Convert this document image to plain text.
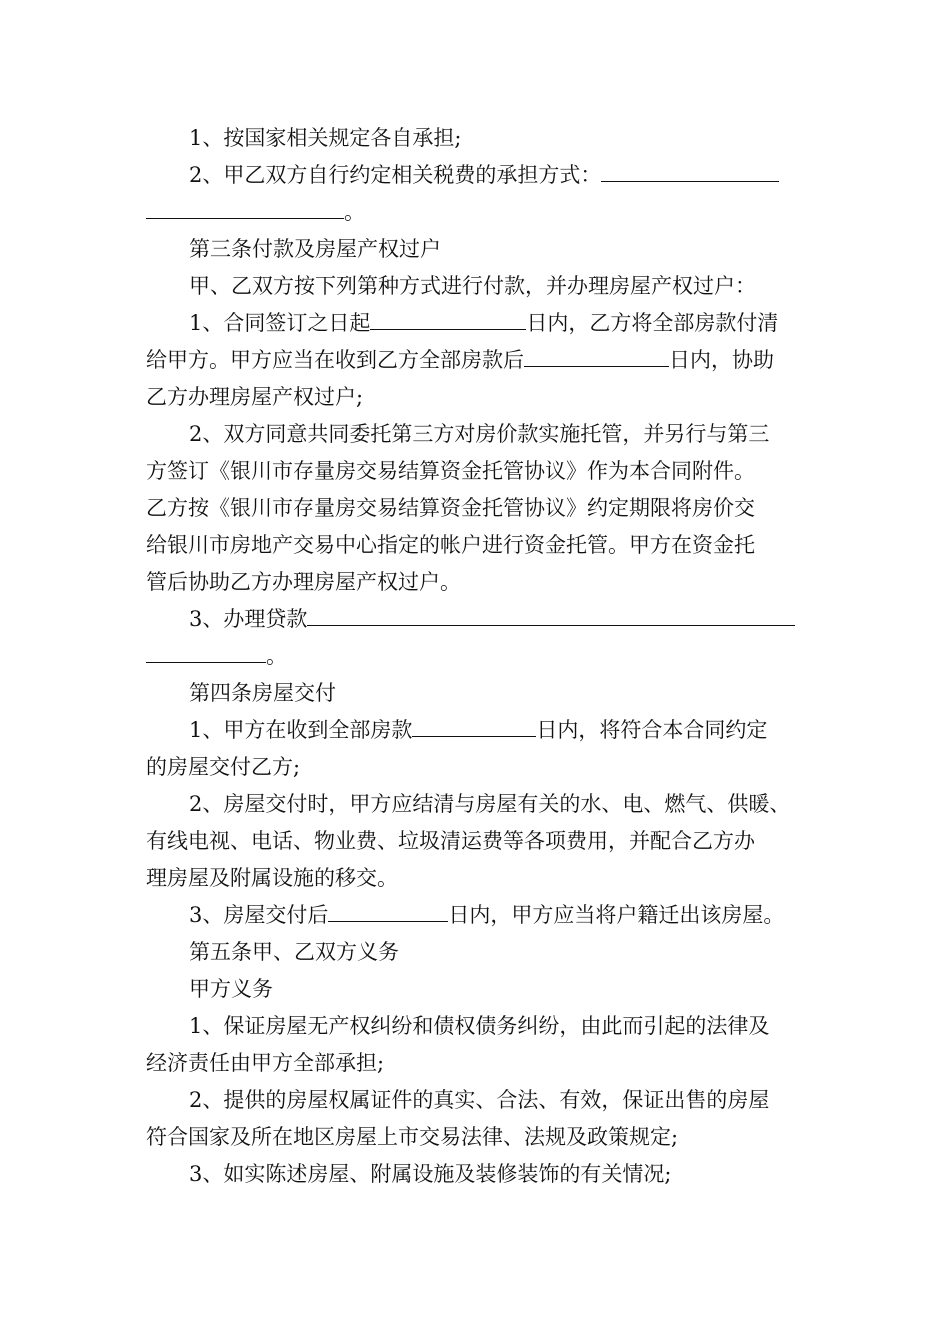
1、按国家相关规定各自承担;
2、甲乙双方自行约定相关税费的承担方式：
。
第三条付款及房屋产权过户
甲、乙双方按下列第种方式进行付款，并办理房屋产权过户：
1、合同签订之日起	日内，乙方将全部房款付清
给甲方。甲方应当在收到乙方全部房款后	日内，协助
乙方办理房屋产权过户;
2、双方同意共同委托第三方对房价款实施托管，并另行与第三
方签订《银川市存量房交易结算资金托管协议》作为本合同附件。
乙方按《银川市存量房交易结算资金托管协议》约定期限将房价交
给银川市房地产交易中心指定的帐户进行资金托管。甲方在资金托
管后协助乙方办理房屋产权过户。
3、办理贷款
。
第四条房屋交付
1、甲方在收到全部房款	日内，将符合本合同约定
的房屋交付乙方;
2、房屋交付时，甲方应结清与房屋有关的水、电、燃气、供暖、
有线电视、电话、物业费、垃圾清运费等各项费用，并配合乙方办
理房屋及附属设施的移交。
3、房屋交付后	日内，甲方应当将户籍迁出该房屋。
第五条甲、乙双方义务
甲方义务
1、保证房屋无产权纠纷和债权债务纠纷，由此而引起的法律及
经济责任由甲方全部承担;
2、提供的房屋权属证件的真实、合法、有效，保证出售的房屋
符合国家及所在地区房屋上市交易法律、法规及政策规定;
3、如实陈述房屋、附属设施及装修装饰的有关情况;
